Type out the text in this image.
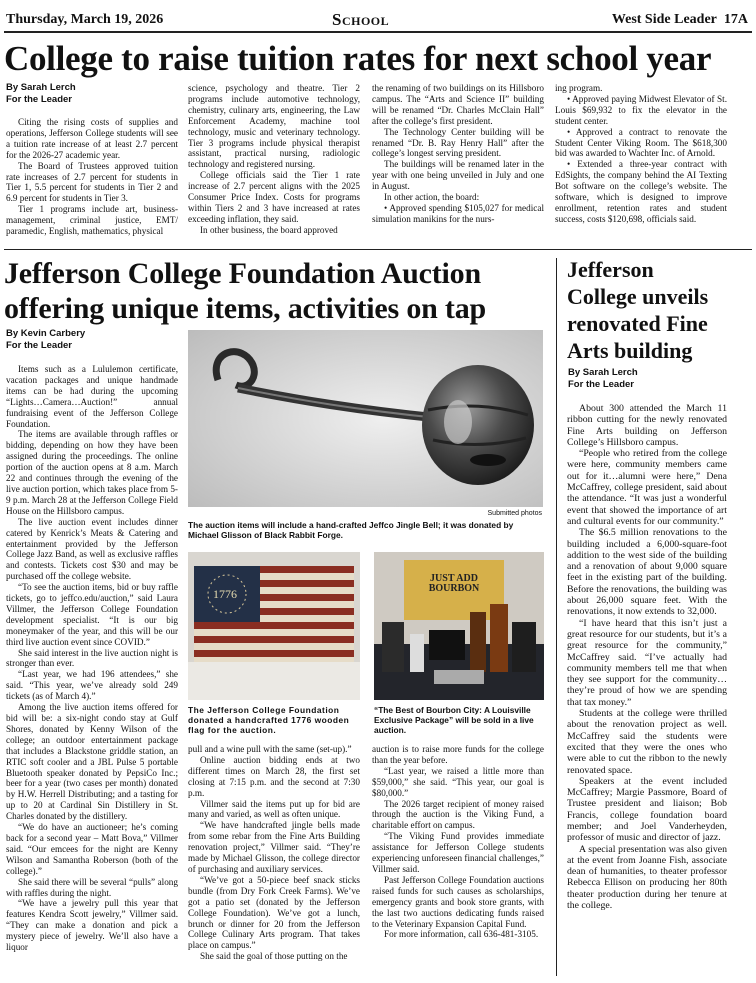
Thursday, March 19, 2026	School	West Side Leader 17A
College to raise tuition rates for next school year
By Sarah Lerch
For the Leader

Citing the rising costs of supplies and operations, Jefferson College students will see a tuition rate increase of at least 2.7 percent for the 2026-27 academic year.

The Board of Trustees approved tuition rate increases of 2.7 percent for students in Tier 1, 5.5 percent for students in Tier 2 and 6.9 percent for students in Tier 3.

Tier 1 programs include art, business-management, criminal justice, EMT/ paramedic, English, mathematics, physical

science, psychology and theatre. Tier 2 programs include automotive technology, chemistry, culinary arts, engineering, the Law Enforcement Academy, machine tool technology, music and veterinary technology. Tier 3 programs include physical therapist assistant, practical nursing, radiologic technology and registered nursing.

College officials said the Tier 1 rate increase of 2.7 percent aligns with the 2025 Consumer Price Index. Costs for programs within Tiers 2 and 3 have increased at rates exceeding inflation, they said.

In other business, the board approved

the renaming of two buildings on its Hillsboro campus. The “Arts and Science II” building will be renamed “Dr. Charles McClain Hall” after the college’s first president.

The Technology Center building will be renamed “Dr. B. Ray Henry Hall” after the college’s longest serving president.

The buildings will be renamed later in the year with one being unveiled in July and one in August.

In other action, the board:

• Approved spending $105,027 for medical simulation manikins for the nurs-

ing program.

• Approved paying Midwest Elevator of St. Louis $69,932 to fix the elevator in the student center.

• Approved a contract to renovate the Student Center Viking Room. The $618,300 bid was awarded to Wachter Inc. of Arnold.

• Extended a three-year contract with EdSights, the company behind the AI Texting Bot software on the college’s website. The software, which is designed to improve enrollment, retention rates and student success, costs $120,698, officials said.

Jefferson College Foundation Auction
offering unique items, activities on tap
By Kevin Carbery
For the Leader
Submitted photos
The auction items will include a hand-crafted Jeffco Jingle Bell; it was donated by Michael Glisson of Black Rabbit Forge.
1776
The Jefferson College Foundation donated a handcrafted 1776 wooden flag for the auction.
JUST ADD BOURBON
“The Best of Bourbon City: A Louisville Exclusive Package” will be sold in a live auction.

Items such as a Lululemon certificate, vacation packages and unique handmade items can be had during the upcoming “Lights…Camera…Auction!” annual fundraising event of the Jefferson College Foundation.

The items are available through raffles or bidding, depending on how they have been assigned during the proceedings. The online portion of the auction opens at 8 a.m. March 22 and continues through the evening of the live auction portion, which takes place from 5-9 p.m. March 28 at the Jefferson College Field House on the Hillsboro campus.

The live auction event includes dinner catered by Kenrick’s Meats & Catering and entertainment provided by the Jefferson College Jazz Band, as well as exclusive raffles and contests. Tickets cost $30 and may be purchased off the college website.

“To see the auction items, bid or buy raffle tickets, go to jeffco.edu/auction,” said Laura Villmer, the Jefferson College Foundation development specialist. “It is our big moneymaker of the year, and this will be our third live auction event since COVID.”

She said interest in the live auction night is stronger than ever.

“Last year, we had 196 attendees,” she said. “This year, we’ve already sold 249 tickets (as of March 4).”

Among the live auction items offered for bid will be: a six-night condo stay at Gulf Shores, donated by Kenny Wilson of the college; an outdoor entertainment package that includes a Blackstone griddle station, an RTIC soft cooler and a JBL Pulse 5 portable Bluetooth speaker donated by PepsiCo Inc.; beer for a year (two cases per month) donated by H.W. Herrell Distributing; and a tasting for up to 20 at Cardinal Sin Distillery in St. Charles donated by the distillery.

“We do have an auctioneer; he’s coming back for a second year – Matt Bova,” Villmer said. “Our emcees for the night are Kenny Wilson and Samantha Roberson (both of the college).”

She said there will be several “pulls” along with raffles during the night.

“We have a jewelry pull this year that features Kendra Scott jewelry,” Villmer said. “They can make a donation and pick a mystery piece of jewelry. We’ll also have a liquor

pull and a wine pull with the same (set-up).”

Online auction bidding ends at two different times on March 28, the first set closing at 7:15 p.m. and the second at 7:30 p.m.

Villmer said the items put up for bid are many and varied, as well as often unique.

“We have handcrafted jingle bells made from some rebar from the Fine Arts Building renovation project,” Villmer said. “They’re made by Michael Glisson, the college director of purchasing and auxiliary services.

“We’ve got a 50-piece beef snack sticks bundle (from Dry Fork Creek Farms). We’ve got a patio set (donated by the Jefferson College Foundation). We’ve got a lunch, brunch or dinner for 20 from the Jefferson College Culinary Arts program. That takes place on campus.”

She said the goal of those putting on the

auction is to raise more funds for the college than the year before.

“Last year, we raised a little more than $59,000,” she said. “This year, our goal is $80,000.”

The 2026 target recipient of money raised through the auction is the Viking Fund, a charitable effort on campus.

“The Viking Fund provides immediate assistance for Jefferson College students experiencing unforeseen financial challenges,” Villmer said.

Past Jefferson College Foundation auctions raised funds for such causes as scholarships, emergency grants and book store grants, with the last two auctions dedicating funds raised to the Veterinary Expansion Capital Fund.

For more information, call 636-481-3105.

Jefferson
College unveils
renovated Fine
Arts building
By Sarah Lerch
For the Leader

About 300 attended the March 11 ribbon cutting for the newly renovated Fine Arts building on Jefferson College’s Hillsboro campus.

“People who retired from the college were here, community members came out for it…alumni were here,” Dena McCaffrey, college president, said about the attendance. “It was just a wonderful event that showed the importance of art and cultural events for our community.”

The $6.5 million renovations to the building included a 6,000-square-foot addition to the west side of the building and a renovation of about 9,000 square feet in the existing part of the building. Before the renovations, the building was about 26,000 square feet. With the renovations, it now extends to 32,000.

“I have heard that this isn’t just a great resource for our students, but it’s a great resource for the community,” McCaffrey said. “I’ve actually had community members tell me that when they see support for the community…they’re proud of how we are spending that tax money.”

Students at the college were thrilled about the renovation project as well. McCaffrey said the students were excited that they were the ones who were able to cut the ribbon to the newly renovated space.

Speakers at the event included McCaffrey; Margie Passmore, Board of Trustee president and liaison; Bob Francis, college foundation board member; and Joel Vanderheyden, professor of music and director of jazz.

A special presentation was also given at the event from Joanne Fish, associate dean of humanities, to theater professor Rebecca Ellison on producing her 80th theater production during her tenure at the college.
